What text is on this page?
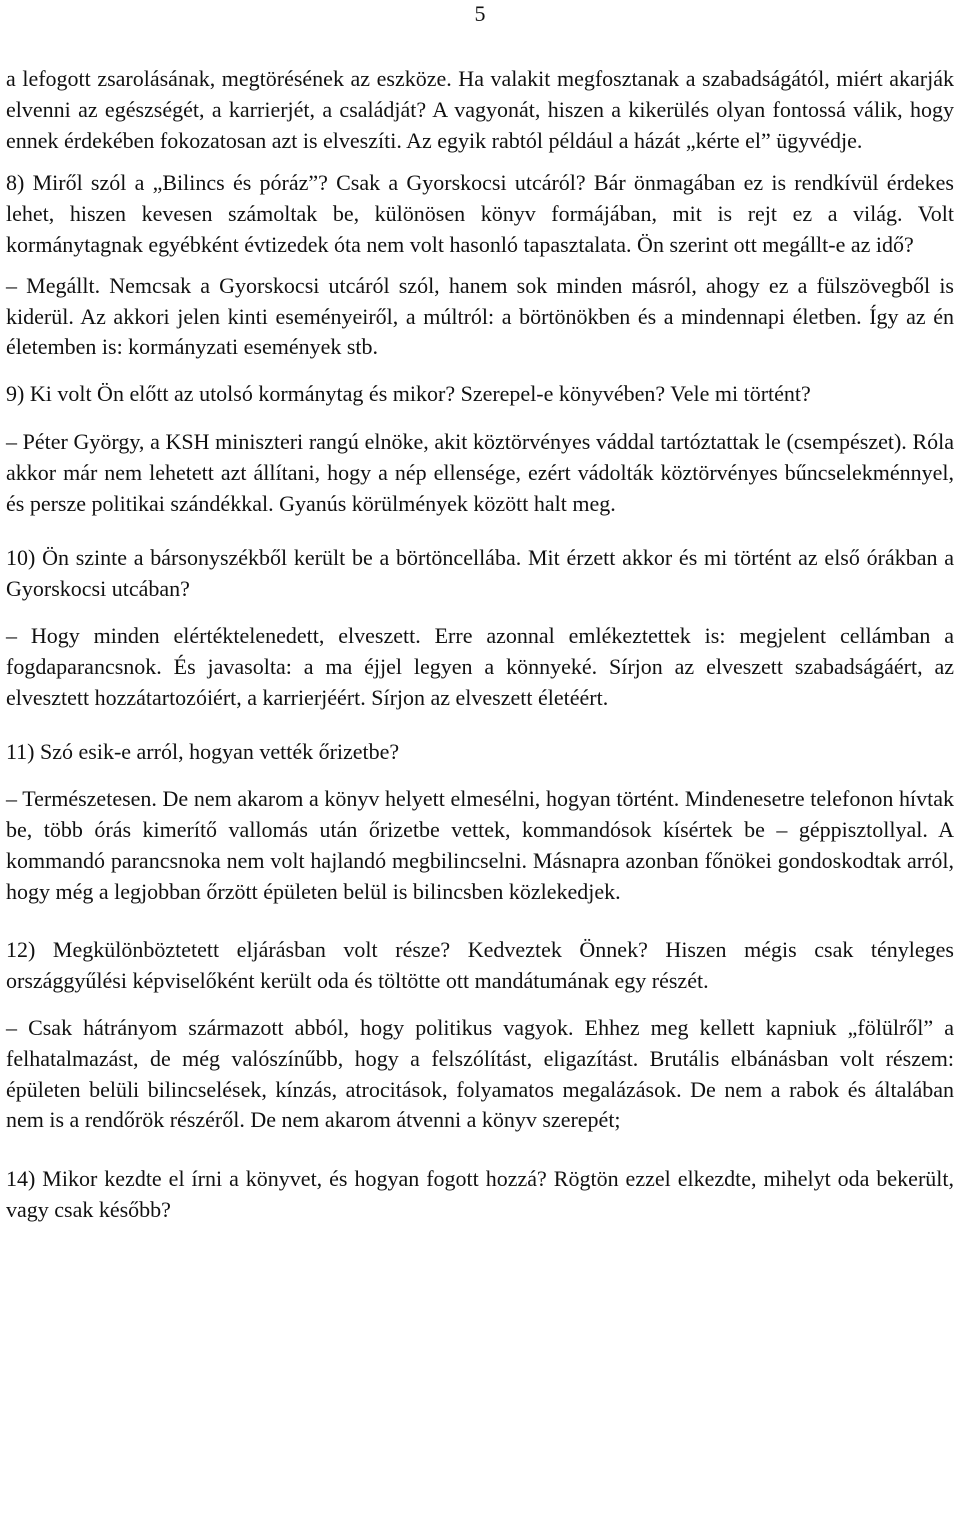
5

a lefogott zsarolásának, megtörésének az eszköze. Ha valakit megfosztanak a szabadságától, miért akarják elvenni az egészségét, a karrierjét, a családját? A vagyonát, hiszen a kikerülés olyan fontossá válik, hogy ennek érdekében fokozatosan azt is elveszíti. Az egyik rabtól például a házát „kérte el” ügyvédje.

8) Miről szól a „Bilincs és póráz”? Csak a Gyorskocsi utcáról? Bár önmagában ez is rendkívül érdekes lehet, hiszen kevesen számoltak be, különösen könyv formájában, mit is rejt ez a világ. Volt kormánytagnak egyébként évtizedek óta nem volt hasonló tapasztalata. Ön szerint ott megállt-e az idő?

– Megállt. Nemcsak a Gyorskocsi utcáról szól, hanem sok minden másról, ahogy ez a fülszövegből is kiderül. Az akkori jelen kinti eseményeiről, a múltról: a börtönökben és a mindennapi életben. Így az én életemben is: kormányzati események stb.

9) Ki volt Ön előtt az utolsó kormánytag és mikor? Szerepel-e könyvében? Vele mi történt?

– Péter György, a KSH miniszteri rangú elnöke, akit köztörvényes váddal tartóztattak le (csempészet). Róla akkor már nem lehetett azt állítani, hogy a nép ellensége, ezért vádolták köztörvényes bűncselekménnyel, és persze politikai szándékkal. Gyanús körülmények között halt meg.

10) Ön szinte a bársonyszékből került be a börtöncellába. Mit érzett akkor és mi történt az első órákban a Gyorskocsi utcában?

– Hogy minden elértéktelenedett, elveszett. Erre azonnal emlékeztettek is: megjelent cellámban a fogdaparancsnok. És javasolta: a ma éjjel legyen a könnyeké. Sírjon az elveszett szabadságáért, az elvesztett hozzátartozóiért, a karrierjéért. Sírjon az elveszett életéért.

11) Szó esik-e arról, hogyan vették őrizetbe?

– Természetesen. De nem akarom a könyv helyett elmesélni, hogyan történt. Mindenesetre telefonon hívtak be, több órás kimerítő vallomás után őrizetbe vettek, kommandósok kísértek be – géppisztollyal. A kommandó parancsnoka nem volt hajlandó megbilincselni. Másnapra azonban főnökei gondoskodtak arról, hogy még a legjobban őrzött épületen belül is bilincsben közlekedjek.

12) Megkülönböztetett eljárásban volt része? Kedveztek Önnek? Hiszen mégis csak tényleges országgyűlési képviselőként került oda és töltötte ott mandátumának egy részét.

– Csak hátrányom származott abból, hogy politikus vagyok. Ehhez meg kellett kapniuk „fölülről” a felhatalmazást, de még valószínűbb, hogy a felszólítást, eligazítást. Brutális elbánásban volt részem: épületen belüli bilincselések, kínzás, atrocitások, folyamatos megalázások. De nem a rabok és általában nem is a rendőrök részéről. De nem akarom átvenni a könyv szerepét;

14) Mikor kezdte el írni a könyvet, és hogyan fogott hozzá? Rögtön ezzel elkezdte, mihelyt oda bekerült, vagy csak később?
